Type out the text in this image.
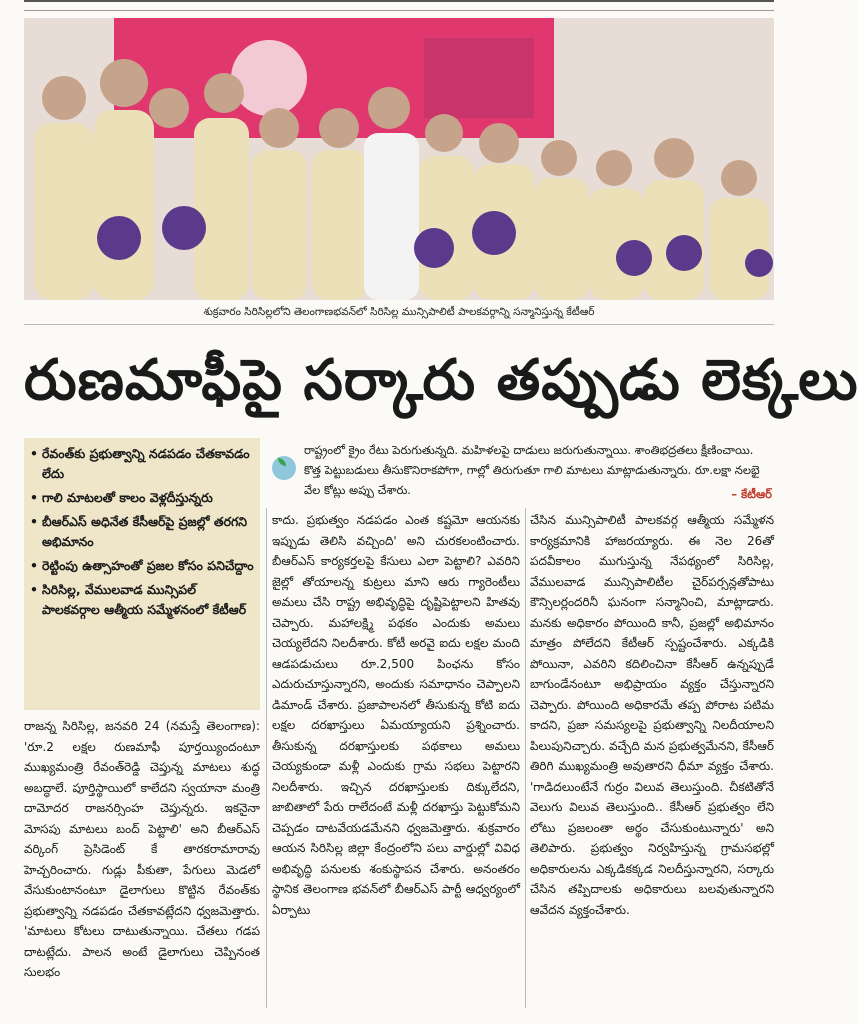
శుక్రవారం సిరిసిల్లలోని తెలంగాణభవన్‌లో సిరిసిల్ల మున్సిపాలిటీ పాలకవర్గాన్ని సన్మానిస్తున్న కేటీఆర్
రుణమాఫీపై సర్కారు తప్పుడు లెక్కలు
• రేవంత్‌కు ప్రభుత్వాన్ని నడపడం చేతకావడం లేదు
• గాలి మాటలతో కాలం వెళ్లదీస్తున్నరు
• బీఆర్‌ఎస్ అధినేత కేసీఆర్‌పై ప్రజల్లో తరగని అభిమానం
• రెట్టింపు ఉత్సాహంతో ప్రజల కోసం పనిచేద్దాం
• సిరిసిల్ల, వేములవాడ మున్సిపల్ పాలకవర్గాల ఆత్మీయ సమ్మేళనంలో కేటీఆర్
రాష్ట్రంలో క్రైం రేటు పెరుగుతున్నది. మహిళలపై దాడులు జరుగుతున్నాయి. శాంతిభద్రతలు క్షీణించాయి. కొత్త పెట్టుబడులు తీసుకొనిరాకపోగా, గాల్లో తిరుగుతూ గాలి మాటలు మాట్లాడుతున్నారు. రూ.లక్షా నలభై వేల కోట్లు అప్పు చేశారు.	– కేటీఆర్
రాజన్న సిరిసిల్ల, జనవరి 24 (నమస్తే తెలంగాణ): 'రూ.2 లక్షల రుణమాఫీ పూర్తయ్యిందంటూ ముఖ్యమంత్రి రేవంత్‌రెడ్డి చెప్తున్న మాటలు శుద్ధ అబద్ధాలే. పూర్తిస్థాయిలో కాలేదని స్వయానా మంత్రి దామోదర రాజనర్సింహ చెప్తున్నరు. ఇకనైనా మోసపు మాటలు బంద్ పెట్టాలి' అని బీఆర్‌ఎస్ వర్కింగ్ ప్రెసిడెంట్ కే తారకరామారావు హెచ్చరించారు. గుడ్లు పీకుతా, పేగులు మెడలో వేసుకుంటానంటూ డైలాగులు కొట్టిన రేవంత్‌కు ప్రభుత్వాన్ని నడపడం చేతకావట్లేదని ధ్వజమెత్తారు. 'మాటలు కోటలు దాటుతున్నాయి. చేతలు గడప దాటట్లేదు. పాలన అంటే డైలాగులు చెప్పినంత సులభం
కాదు. ప్రభుత్వం నడపడం ఎంత కష్టమో ఆయనకు ఇప్పుడు తెలిసి వచ్చింది' అని చురకలంటించారు. బీఆర్‌ఎస్ కార్యకర్తలపై కేసులు ఎలా పెట్టాలి? ఎవరిని జైల్లో తోయాలన్న కుట్రలు మాని ఆరు గ్యారెంటీలు అమలు చేసి రాష్ట్ర అభివృద్ధిపై దృష్టిపెట్టాలని హితవు చెప్పారు. మహాలక్ష్మి పథకం ఎందుకు అమలు చెయ్యలేదని నిలదీశారు. కోటీ అరవై ఐదు లక్షల మంది ఆడపడుచులు రూ.2,500 పింఛను కోసం ఎదురుచూస్తున్నారని, అందుకు సమాధానం చెప్పాలని డిమాండ్ చేశారు. ప్రజాపాలనలో తీసుకున్న కోటి ఐదు లక్షల దరఖాస్తులు ఏమయ్యాయని ప్రశ్నించారు. తీసుకున్న దరఖాస్తులకు పథకాలు అమలు చెయ్యకుండా మళ్లీ ఎందుకు గ్రామ సభలు పెట్టారని నిలదీశారు. ఇచ్చిన దరఖాస్తులకు దిక్కులేదని, జాబితాలో పేరు రాలేదంటే మళ్లీ దరఖాస్తు పెట్టుకోమని చెప్పడం దాటవేయడమేనని ధ్వజమెత్తారు. శుక్రవారం ఆయన సిరిసిల్ల జిల్లా కేంద్రంలోని పలు వార్డుల్లో వివిధ అభివృద్ధి పనులకు శంకుస్థాపన చేశారు. అనంతరం స్థానిక తెలంగాణ భవన్‌లో బీఆర్‌ఎస్ పార్టీ ఆధ్వర్యంలో ఏర్పాటు
చేసిన మున్సిపాలిటీ పాలకవర్గ ఆత్మీయ సమ్మేళన కార్యక్రమానికి హాజరయ్యారు. ఈ నెల 26తో పదవీకాలం ముగుస్తున్న నేపథ్యంలో సిరిసిల్ల, వేములవాడ మున్సిపాలిటీల చైర్‌పర్సన్లతోపాటు కౌన్సిలర్లందరినీ ఘనంగా సన్మానించి, మాట్లాడారు. మనకు అధికారం పోయింది కానీ, ప్రజల్లో అభిమానం మాత్రం పోలేదని కేటీఆర్ స్పష్టంచేశారు. ఎక్కడికి పోయినా, ఎవరిని కదిలించినా కేసీఆర్ ఉన్నప్పుడే బాగుండేనంటూ అభిప్రాయం వ్యక్తం చేస్తున్నారని చెప్పారు. పోయింది అధికారమే తప్ప పోరాట పటిమ కాదని, ప్రజా సమస్యలపై ప్రభుత్వాన్ని నిలదీయాలని పిలుపునిచ్చారు. వచ్చేది మన ప్రభుత్వమేనని, కేసీఆర్ తిరిగి ముఖ్యమంత్రి అవుతారని ధీమా వ్యక్తం చేశారు. 'గాడిదలుంటేనే గుర్రం విలువ తెలుస్తుంది. చీకటితోనే వెలుగు విలువ తెలుస్తుంది.. కేసీఆర్ ప్రభుత్వం లేని లోటు ప్రజలంతా అర్థం చేసుకుంటున్నారు' అని తెలిపారు. ప్రభుత్వం నిర్వహిస్తున్న గ్రామసభల్లో అధికారులను ఎక్కడికక్కడ నిలదీస్తున్నారని, సర్కారు చేసిన తప్పిదాలకు అధికారులు బలవుతున్నారని ఆవేదన వ్యక్తంచేశారు.
